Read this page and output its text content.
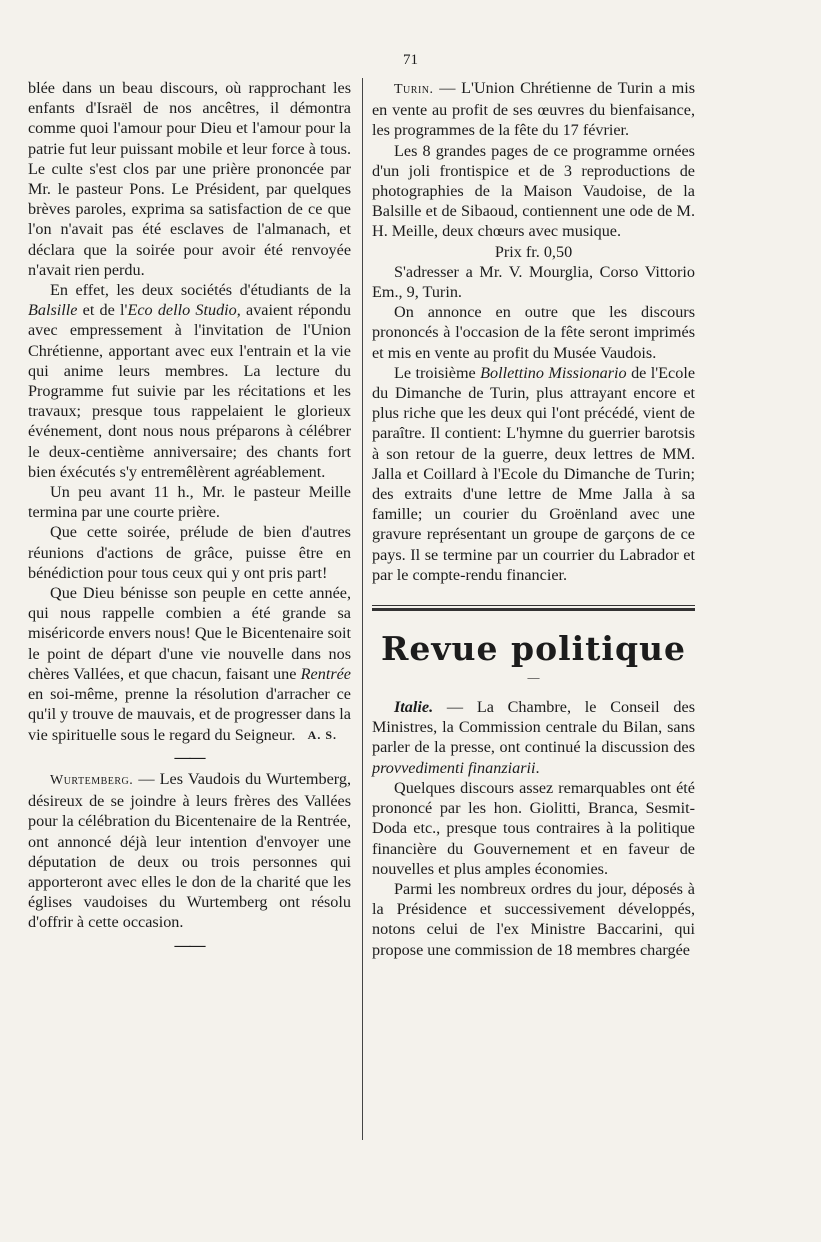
71

blée dans un beau discours, où rapprochant les enfants d'Israël de nos ancêtres, il démontra comme quoi l'amour pour Dieu et l'amour pour la patrie fut leur puissant mobile et leur force à tous. Le culte s'est clos par une prière prononcée par Mr. le pasteur Pons. Le Président, par quelques brèves paroles, exprima sa satisfaction de ce que l'on n'avait pas été esclaves de l'almanach, et déclara que la soirée pour avoir été renvoyée n'avait rien perdu.

En effet, les deux sociétés d'étudiants de la Balsille et de l'Eco dello Studio, avaient répondu avec empressement à l'invitation de l'Union Chrétienne, apportant avec eux l'entrain et la vie qui anime leurs membres. La lecture du Programme fut suivie par les récitations et les travaux; presque tous rappelaient le glorieux événement, dont nous nous préparons à célébrer le deux-centième anniversaire; des chants fort bien éxécutés s'y entremêlèrent agréablement.

Un peu avant 11 h., Mr. le pasteur Meille termina par une courte prière.

Que cette soirée, prélude de bien d'autres réunions d'actions de grâce, puisse être en bénédiction pour tous ceux qui y ont pris part!

Que Dieu bénisse son peuple en cette année, qui nous rappelle combien a été grande sa miséricorde envers nous! Que le Bicentenaire soit le point de départ d'une vie nouvelle dans nos chères Vallées, et que chacun, faisant une Rentrée en soi-même, prenne la résolution d'arracher ce qu'il y trouve de mauvais, et de progresser dans la vie spirituelle sous le regard du Seigneur.	A. S.
——

Wurtemberg. — Les Vaudois du Wurtemberg, désireux de se joindre à leurs frères des Vallées pour la célébration du Bicentenaire de la Rentrée, ont annoncé déjà leur intention d'envoyer une députation de deux ou trois personnes qui apporteront avec elles le don de la charité que les églises vaudoises du Wurtemberg ont résolu d'offrir à cette occasion.

——

Turin. — L'Union Chrétienne de Turin a mis en vente au profit de ses œuvres du bienfaisance, les programmes de la fête du 17 février.

Les 8 grandes pages de ce programme ornées d'un joli frontispice et de 3 reproductions de photographies de la Maison Vaudoise, de la Balsille et de Sibaoud, contiennent une ode de M. H. Meille, deux chœurs avec musique.

Prix fr. 0,50

S'adresser a Mr. V. Mourglia, Corso Vittorio Em., 9, Turin.

On annonce en outre que les discours prononcés à l'occasion de la fête seront imprimés et mis en vente au profit du Musée Vaudois.

Le troisième Bollettino Missionario de l'Ecole du Dimanche de Turin, plus attrayant encore et plus riche que les deux qui l'ont précédé, vient de paraître. Il contient: L'hymne du guerrier barotsis à son retour de la guerre, deux lettres de MM. Jalla et Coillard à l'Ecole du Dimanche de Turin; des extraits d'une lettre de Mme Jalla à sa famille; un courier du Groënland avec une gravure représentant un groupe de garçons de ce pays. Il se termine par un courrier du Labrador et par le compte-rendu financier.

Revue politique
—

Italie. — La Chambre, le Conseil des Ministres, la Commission centrale du Bilan, sans parler de la presse, ont continué la discussion des provvedimenti finanziarii.

Quelques discours assez remarquables ont été prononcé par les hon. Giolitti, Branca, Sesmit-Doda etc., presque tous contraires à la politique financière du Gouvernement et en faveur de nouvelles et plus amples économies.

Parmi les nombreux ordres du jour, déposés à la Présidence et successivement développés, notons celui de l'ex Ministre Baccarini, qui propose une commission de 18 membres chargée
